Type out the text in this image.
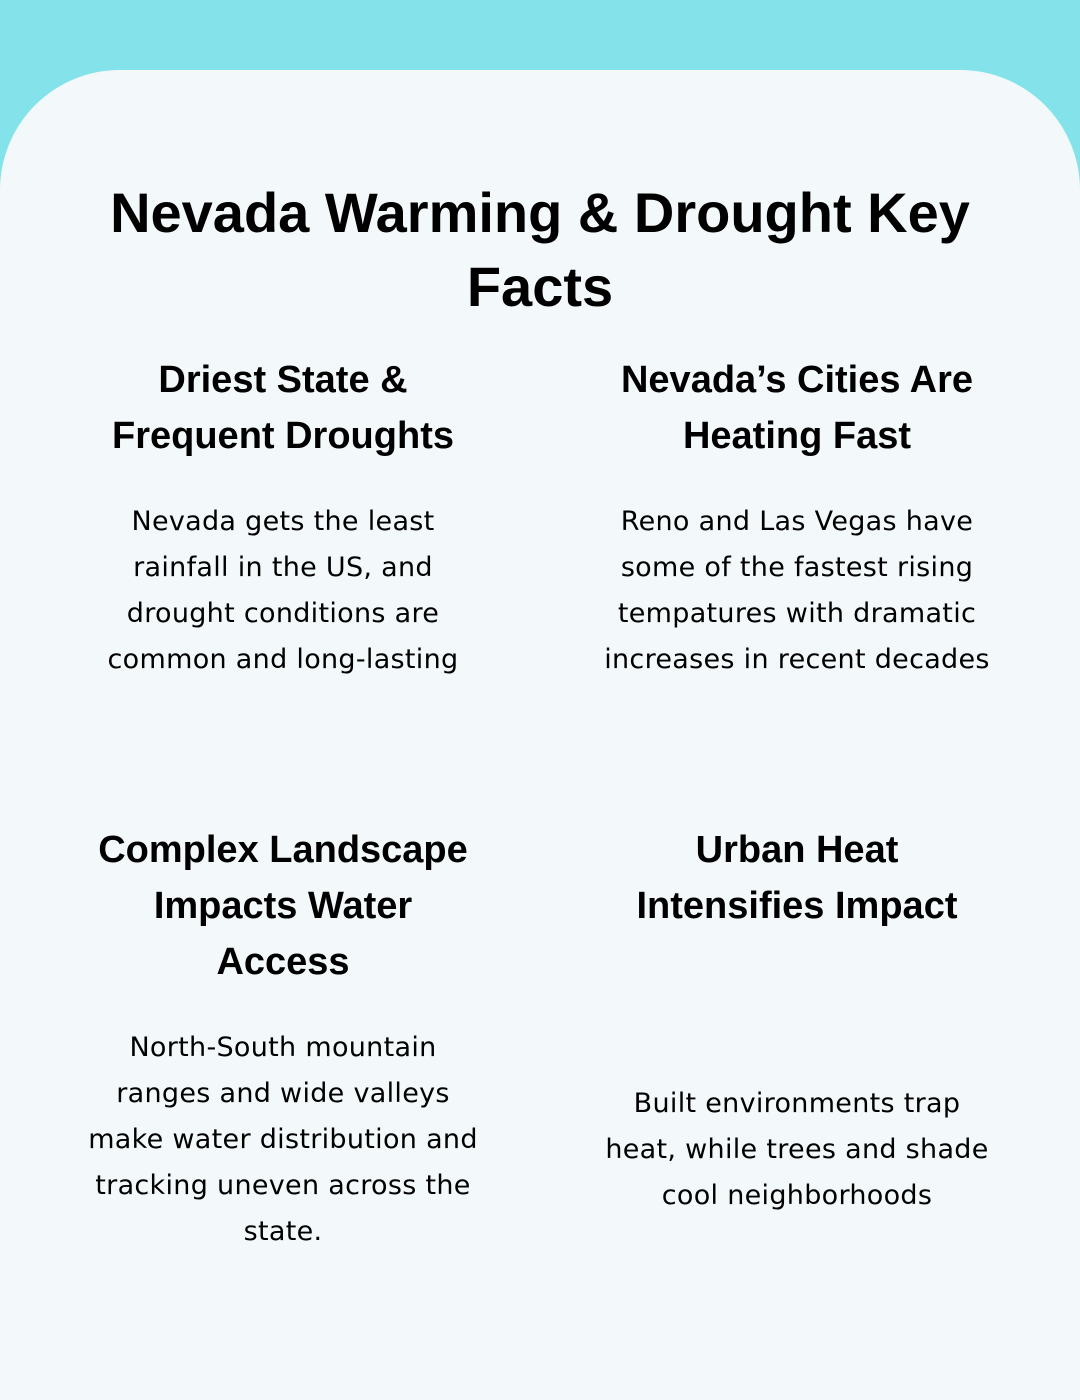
Nevada Warming & Drought Key Facts
Driest State & Frequent Droughts

Nevada gets the least rainfall in the US, and drought conditions are common and long-lasting

Nevada’s Cities Are Heating Fast

Reno and Las Vegas have some of the fastest rising tempatures with dramatic increases in recent decades

Complex Landscape Impacts Water Access

North-South mountain ranges and wide valleys make water distribution and tracking uneven across the state.

Urban Heat Intensifies Impact

Built environments trap heat, while trees and shade cool neighborhoods
